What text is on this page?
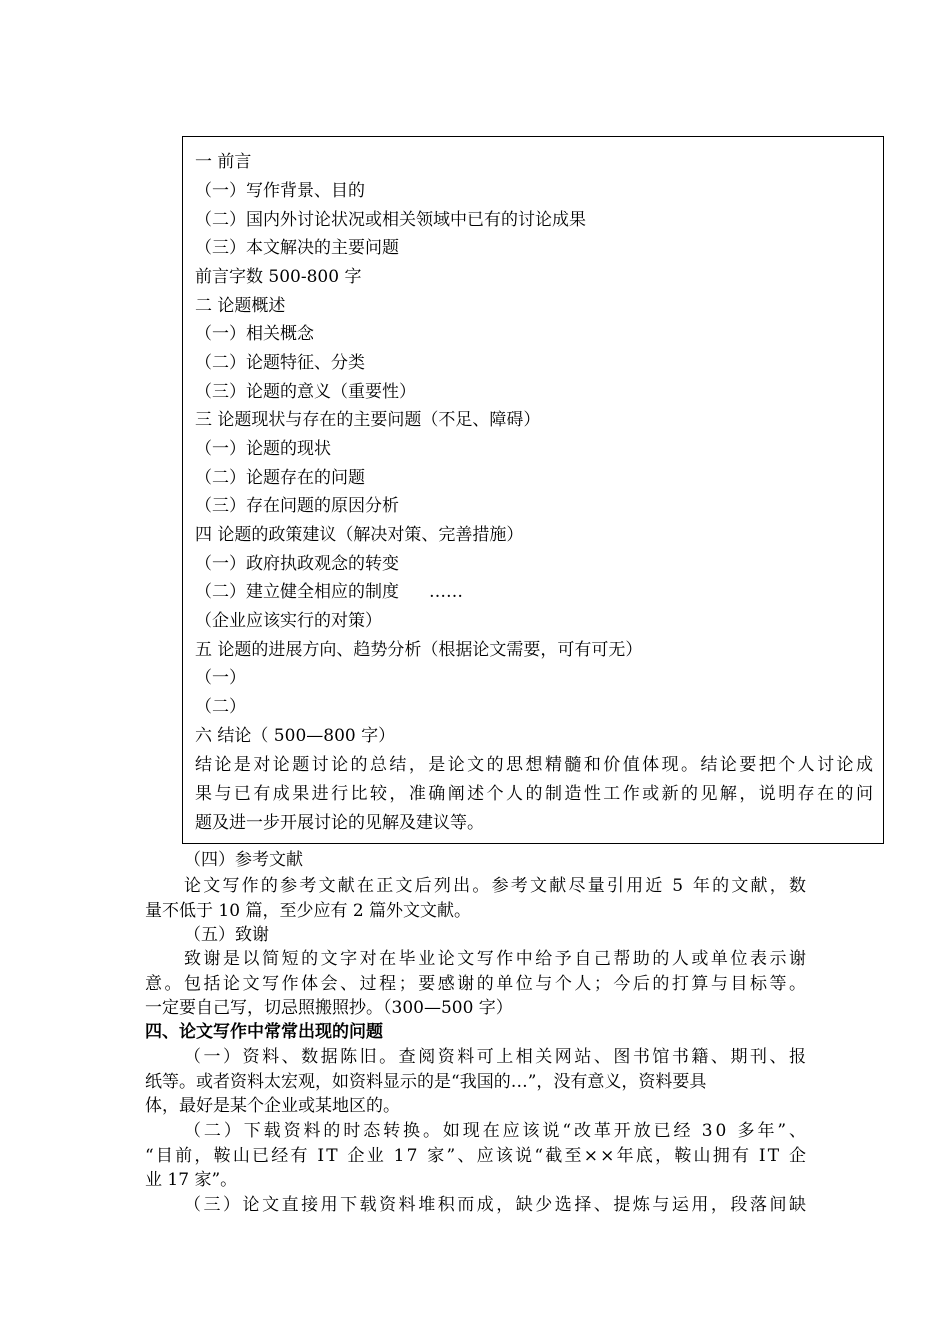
一 前言
（一）写作背景、目的
（二）国内外讨论状况或相关领域中已有的讨论成果
（三）本文解决的主要问题
前言字数 500-800 字
二 论题概述
（一）相关概念
（二）论题特征、分类
（三）论题的意义（重要性）
三 论题现状与存在的主要问题（不足、障碍）
（一）论题的现状
（二）论题存在的问题
（三）存在问题的原因分析
四 论题的政策建议（解决对策、完善措施）
（一）政府执政观念的转变
（二）建立健全相应的制度 ……
（企业应该实行的对策）
五 论题的进展方向、趋势分析（根据论文需要，可有可无）
（一）
（二）
六 结论（ 500—800 字）
结论是对论题讨论的总结，是论文的思想精髓和价值体现。结论要把个人讨论成
果与已有成果进行比较，准确阐述个人的制造性工作或新的见解，说明存在的问
题及进一步开展讨论的见解及建议等。
（四）参考文献
论文写作的参考文献在正文后列出。参考文献尽量引用近 5 年的文献，数
量不低于 10 篇，至少应有 2 篇外文文献。
（五）致谢
致谢是以简短的文字对在毕业论文写作中给予自己帮助的人或单位表示谢
意。包括论文写作体会、过程；要感谢的单位与个人；今后的打算与目标等。
一定要自己写，切忌照搬照抄。（300—500 字）
四、论文写作中常常出现的问题
（一）资料、数据陈旧。查阅资料可上相关网站、图书馆书籍、期刊、报
纸等。或者资料太宏观，如资料显示的是“我国的…”，没有意义，资料要具
体，最好是某个企业或某地区的。
（二）下载资料的时态转换。如现在应该说“改革开放已经 30 多年”、
“目前，鞍山已经有 IT 企业 17 家”、应该说“截至××年底，鞍山拥有 IT 企
业 17 家”。
（三）论文直接用下载资料堆积而成，缺少选择、提炼与运用，段落间缺
